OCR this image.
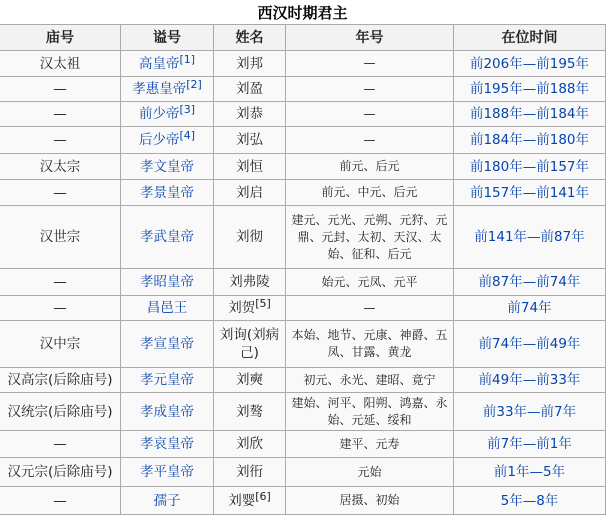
西汉时期君主
庙号	谥号	姓名	年号	在位时间
汉太祖	高皇帝[1]	刘邦	—	前206年—前195年
—	孝惠皇帝[2]	刘盈	—	前195年—前188年
—	前少帝[3]	刘恭	—	前188年—前184年
—	后少帝[4]	刘弘	—	前184年—前180年
汉太宗	孝文皇帝	刘恒	前元、后元	前180年—前157年
—	孝景皇帝	刘启	前元、中元、后元	前157年—前141年
汉世宗	孝武皇帝	刘彻	建元、元光、元朔、元狩、元鼎、元封、太初、天汉、太始、征和、后元	前141年—前87年
—	孝昭皇帝	刘弗陵	始元、元凤、元平	前87年—前74年
—	昌邑王	刘贺[5]	—	前74年
汉中宗	孝宣皇帝	刘询(刘病己)	本始、地节、元康、神爵、五凤、甘露、黄龙	前74年—前49年
汉高宗(后除庙号)	孝元皇帝	刘奭	初元、永光、建昭、竟宁	前49年—前33年
汉统宗(后除庙号)	孝成皇帝	刘骜	建始、河平、阳朔、鸿嘉、永始、元延、绥和	前33年—前7年
—	孝哀皇帝	刘欣	建平、元寿	前7年—前1年
汉元宗(后除庙号)	孝平皇帝	刘衎	元始	前1年—5年
—	孺子	刘婴[6]	居摄、初始	5年—8年
